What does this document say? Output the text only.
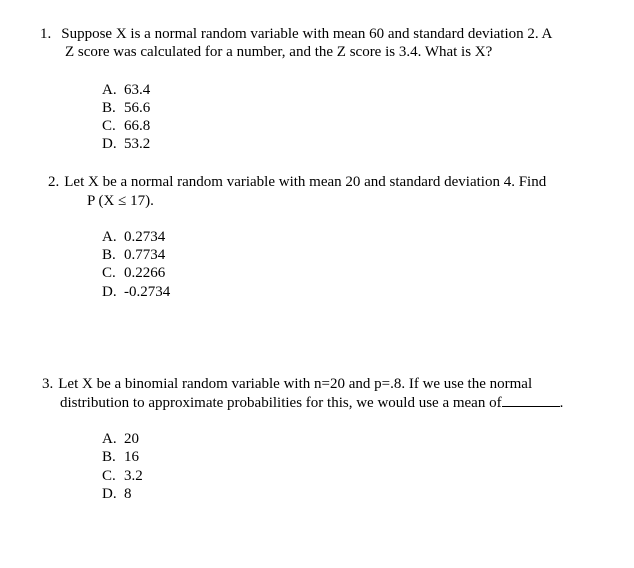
1. Suppose X is a normal random variable with mean 60 and standard deviation 2. A
Z score was calculated for a number, and the Z score is 3.4. What is X?
A. 63.4
B. 56.6
C. 66.8
D. 53.2
2. Let X be a normal random variable with mean 20 and standard deviation 4. Find
P (X ≤ 17).
A. 0.2734
B. 0.7734
C. 0.2266
D. -0.2734
3. Let X be a binomial random variable with n=20 and p=.8. If we use the normal
distribution to approximate probabilities for this, we would use a mean of	.
A. 20
B. 16
C. 3.2
D. 8
